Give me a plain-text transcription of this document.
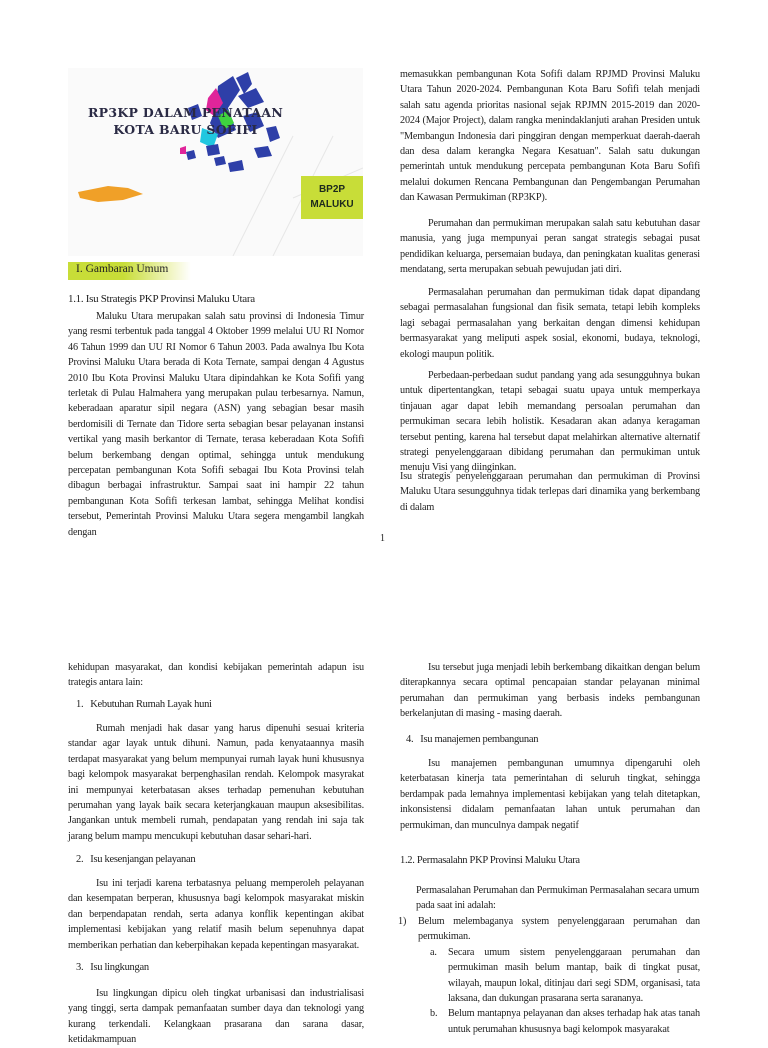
RP3KP DALAM PENATAAN KOTA BARU SOFIFI
BP2P
MALUKU
I. Gambaran Umum
1.1. Isu Strategis PKP Provinsi Maluku Utara
Maluku Utara merupakan salah satu provinsi di Indonesia Timur yang resmi terbentuk pada tanggal 4 Oktober 1999 melalui UU RI Nomor 46 Tahun 1999 dan UU RI Nomor 6 Tahun 2003. Pada awalnya Ibu Kota Provinsi Maluku Utara berada di Kota Ternate, sampai dengan 4 Agustus 2010 Ibu Kota Provinsi Maluku Utara dipindahkan ke Kota Sofifi yang terletak di Pulau Halmahera yang merupakan pulau terbesarnya. Namun, keberadaan aparatur sipil negara (ASN) yang sebagian besar masih berdomisili di Ternate dan Tidore serta sebagian besar pelayanan instansi vertikal yang masih berkantor di Ternate, terasa keberadaan Kota Sofifi belum berkembang dengan optimal, sehingga untuk mendukung percepatan pembangunan Kota Sofifi sebagai Ibu Kota Provinsi telah dibagun berbagai infrastruktur. Sampai saat ini hampir 22 tahun pembangunan Kota Sofifi terkesan lambat, sehingga Melihat kondisi tersebut, Pemerintah Provinsi Maluku Utara segera mengambil langkah dengan
memasukkan pembangunan Kota Sofifi dalam RPJMD Provinsi Maluku Utara Tahun 2020-2024. Pembangunan Kota Baru Sofifi telah menjadi salah satu agenda prioritas nasional sejak RPJMN 2015-2019 dan 2020-2024 (Major Project), dalam rangka menindaklanjuti arahan Presiden untuk "Membangun Indonesia dari pinggiran dengan memperkuat daerah-daerah dan desa dalam kerangka Negara Kesatuan". Salah satu dukungan pemerintah untuk mendukung percepata pembangunan Kota Baru Sofifi melalui dokumen Rencana Pembangunan dan Pengembangan Perumahan dan Kawasan Permukiman (RP3KP).
Perumahan dan permukiman merupakan salah satu kebutuhan dasar manusia, yang juga mempunyai peran sangat strategis sebagai pusat pendidikan keluarga, persemaian budaya, dan peningkatan kualitas generasi mendatang, serta merupakan sebuah pewujudan jati diri.
Permasalahan perumahan dan permukiman tidak dapat dipandang sebagai permasalahan fungsional dan fisik semata, tetapi lebih kompleks lagi sebagai permasalahan yang berkaitan dengan dimensi kehidupan bermasyarakat yang meliputi aspek sosial, ekonomi, budaya, teknologi, ekologi maupun politik.
Perbedaan-perbedaan sudut pandang yang ada sesungguhnya bukan untuk dipertentangkan, tetapi sebagai suatu upaya untuk memperkaya tinjauan agar dapat lebih memandang persoalan perumahan dan permukiman secara lebih holistik. Kesadaran akan adanya keragaman tersebut penting, karena hal tersebut dapat melahirkan alternative alternatif strategi penyelenggaraan dibidang perumahan dan permukiman untuk menuju Visi yang diinginkan.
Isu strategis penyelenggaraan perumahan dan permukiman di Provinsi Maluku Utara sesungguhnya tidak terlepas dari dinamika yang berkembang di dalam
1
kehidupan masyarakat, dan kondisi kebijakan pemerintah adapun isu trategis antara lain:
1. Kebutuhan Rumah Layak huni
Rumah menjadi hak dasar yang harus dipenuhi sesuai kriteria standar agar layak untuk dihuni. Namun, pada kenyataannya masih terdapat masyarakat yang belum mempunyai rumah layak huni khususnya bagi kelompok masyarakat berpenghasilan rendah. Kelompok masyrakat ini mempunyai keterbatasan akses terhadap pemenuhan kebutuhan perumahan yang layak baik secara keterjangkauan maupun aksesibilitas. Jangankan untuk membeli rumah, pendapatan yang rendah ini saja tak jarang belum mampu mencukupi kebutuhan dasar sehari-hari.
2. Isu kesenjangan pelayanan
Isu ini terjadi karena terbatasnya peluang memperoleh pelayanan dan kesempatan berperan, khususnya bagi kelompok masyarakat miskin dan berpendapatan rendah, serta adanya konflik kepentingan akibat implementasi kebijakan yang relatif masih belum sepenuhnya dapat memberikan perhatian dan keberpihakan kepada kepentingan masyarakat.
3. Isu lingkungan
Isu lingkungan dipicu oleh tingkat urbanisasi dan industrialisasi yang tinggi, serta dampak pemanfaatan sumber daya dan teknologi yang kurang terkendali. Kelangkaan prasarana dan sarana dasar, ketidakmampuan
Isu tersebut juga menjadi lebih berkembang dikaitkan dengan belum diterapkannya secara optimal pencapaian standar pelayanan minimal perumahan dan permukiman yang berbasis indeks pembangunan berkelanjutan di masing - masing daerah.
4. Isu manajemen pembangunan
Isu manajemen pembangunan umumnya dipengaruhi oleh keterbatasan kinerja tata pemerintahan di seluruh tingkat, sehingga berdampak pada lemahnya implementasi kebijakan yang telah ditetapkan, inkonsistensi didalam pemanfaatan lahan untuk perumahan dan permukiman, dan munculnya dampak negatif
1.2. Permasalahn PKP Provinsi Maluku Utara
Permasalahan Perumahan dan Permukiman Permasalahan secara umum pada saat ini adalah:
1)	Belum melembaganya system penyelenggaraan perumahan dan permukiman.
a.	Secara umum sistem penyelenggaraan perumahan dan permukiman masih belum mantap, baik di tingkat pusat, wilayah, maupun lokal, ditinjau dari segi SDM, organisasi, tata laksana, dan dukungan prasarana serta sarananya.
b.	Belum mantapnya pelayanan dan akses terhadap hak atas tanah untuk perumahan khususnya bagi kelompok masyarakat
